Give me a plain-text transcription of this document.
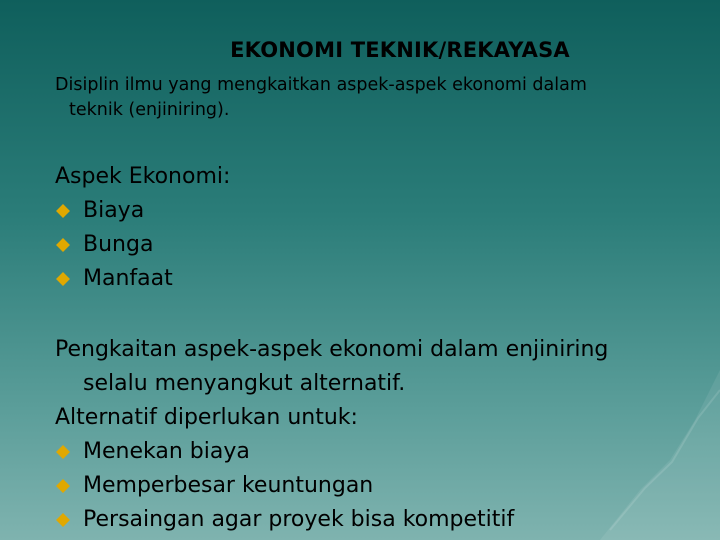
EKONOMI TEKNIK/REKAYASA
Disiplin ilmu yang mengkaitkan aspek-aspek ekonomi dalam
teknik (enjiniring).
Aspek Ekonomi:
Biaya
Bunga
Manfaat
Pengkaitan aspek-aspek ekonomi dalam enjiniring
selalu menyangkut alternatif.
Alternatif diperlukan untuk:
Menekan biaya
Memperbesar keuntungan
Persaingan agar proyek bisa kompetitif
